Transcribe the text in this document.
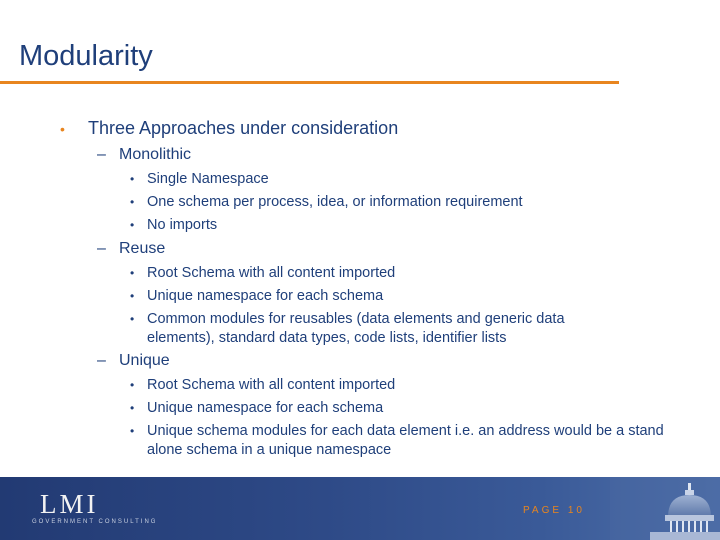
Modularity
• Three Approaches under consideration
– Monolithic
• Single Namespace
• One schema per process, idea, or information requirement
• No imports
– Reuse
• Root Schema with all content imported
• Unique namespace for each schema
• Common modules for reusables (data elements and generic data elements), standard data types, code lists, identifier lists
– Unique
• Root Schema with all content imported
• Unique namespace for each schema
• Unique schema modules for each data element i.e. an address would be a stand alone schema in a unique namespace
LMI
GOVERNMENT CONSULTING
PAGE 10
